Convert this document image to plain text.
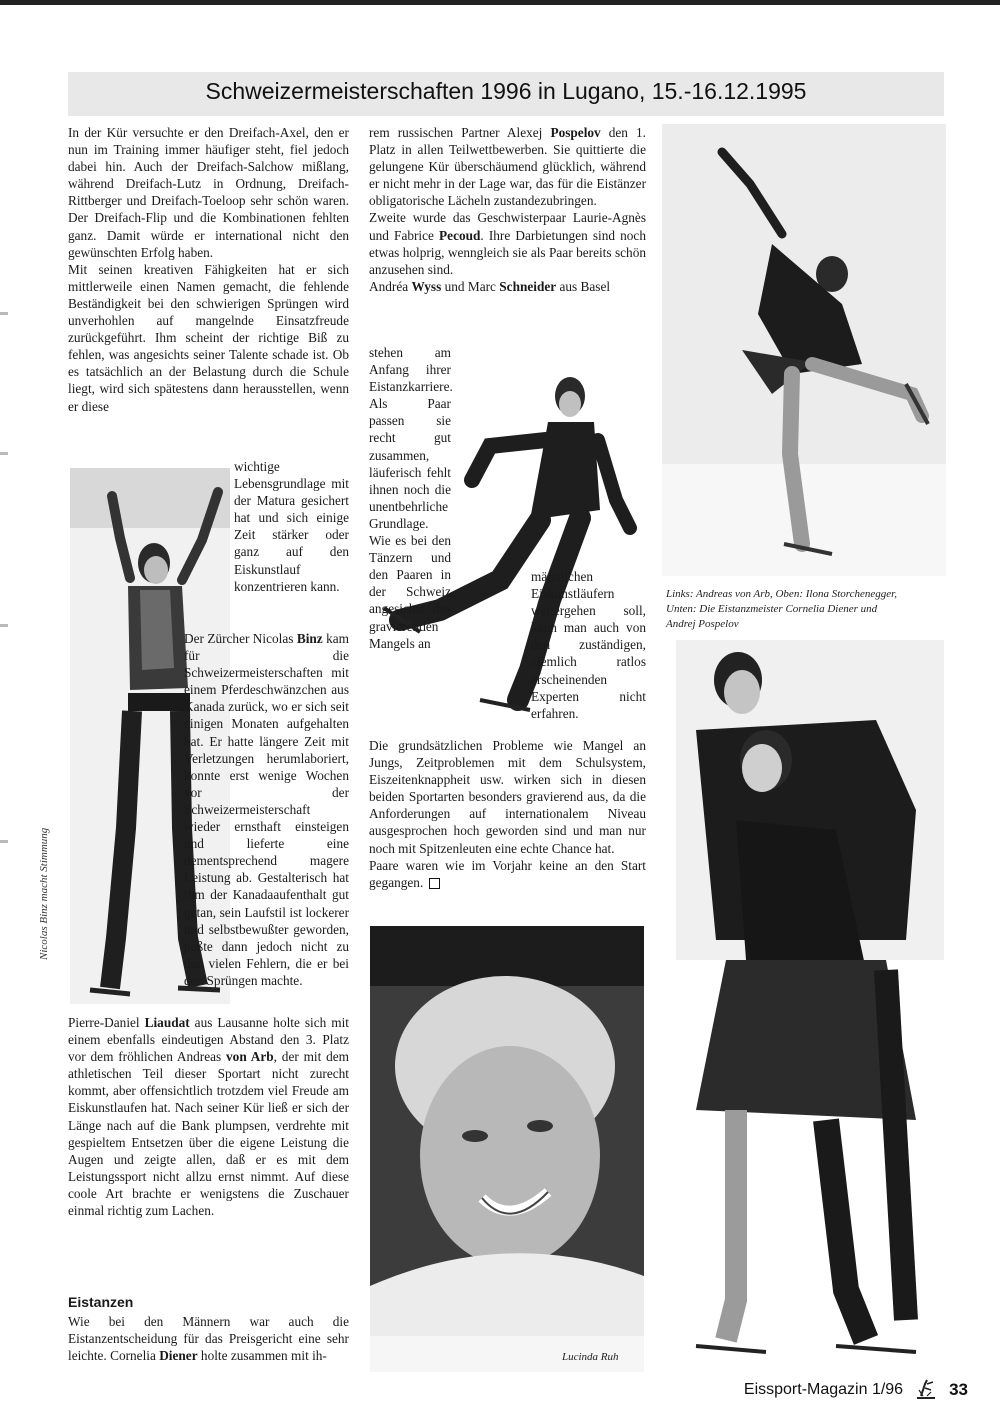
Schweizermeisterschaften 1996 in Lugano, 15.-16.12.1995

In der Kür versuchte er den Dreifach-Axel, den er nun im Training immer häufiger steht, fiel jedoch dabei hin. Auch der Dreifach-Salchow mißlang, während Dreifach-Lutz in Ordnung, Dreifach-Rittberger und Dreifach-Toeloop sehr schön waren. Der Dreifach-Flip und die Kombinationen fehlten ganz. Damit würde er international nicht den gewünschten Erfolg haben.

Mit seinen kreativen Fähigkeiten hat er sich mittlerweile einen Namen gemacht, die fehlende Beständigkeit bei den schwierigen Sprüngen wird unverhohlen auf mangelnde Einsatzfreude zurückgeführt. Ihm scheint der richtige Biß zu fehlen, was angesichts seiner Talente schade ist. Ob es tatsächlich an der Belastung durch die Schule liegt, wird sich spätestens dann herausstellen, wenn er diese

Nicolas Binz macht Stimmung

wichtige Lebensgrundlage mit der Matura gesichert hat und sich einige Zeit stärker oder ganz auf den Eiskunstlauf konzentrieren kann.

Der Zürcher Nicolas Binz kam für die Schweizermeisterschaften mit einem Pferdeschwänzchen aus Kanada zurück, wo er sich seit einigen Monaten aufgehalten hat. Er hatte längere Zeit mit Verletzungen herumlaboriert, konnte erst wenige Wochen vor der Schweizermeisterschaft wieder ernsthaft einsteigen und lieferte eine dementsprechend magere Leistung ab. Gestalterisch hat ihm der Kanadaaufenthalt gut getan, sein Laufstil ist lockerer und selbstbewußter geworden, paßte dann jedoch nicht zu den vielen Fehlern, die er bei den Sprüngen machte.

Pierre-Daniel Liaudat aus Lausanne holte sich mit einem ebenfalls eindeutigen Abstand den 3. Platz vor dem fröhlichen Andreas von Arb, der mit dem athletischen Teil dieser Sportart nicht zurecht kommt, aber offensichtlich trotzdem viel Freude am Eiskunstlaufen hat. Nach seiner Kür ließ er sich der Länge nach auf die Bank plumpsen, verdrehte mit gespieltem Entsetzen über die eigene Leistung die Augen und zeigte allen, daß er es mit dem Leistungssport nicht allzu ernst nimmt. Auf diese coole Art brachte er wenigstens die Zuschauer einmal richtig zum Lachen.

Eistanzen

Wie bei den Männern war auch die Eistanzentscheidung für das Preisgericht eine sehr leichte. Cornelia Diener holte zusammen mit ih-

rem russischen Partner Alexej Pospelov den 1. Platz in allen Teilwettbewerben. Sie quittierte die gelungene Kür überschäumend glücklich, während er nicht mehr in der Lage war, das für die Eistänzer obligatorische Lächeln zustandezubringen.

Zweite wurde das Geschwisterpaar Laurie-Agnès und Fabrice Pecoud. Ihre Darbietungen sind noch etwas holprig, wenngleich sie als Paar bereits schön anzusehen sind.

Andréa Wyss und Marc Schneider aus Basel

stehen am Anfang ihrer Eistanzkarriere. Als Paar passen sie recht gut zusammen, läuferisch fehlt ihnen noch die unentbehrliche Grundlage. Wie es bei den Tänzern und den Paaren in der Schweiz angesichts des gravierenden Mangels an

männlichen Eiskunstläufern weitergehen soll, kann man auch von den zuständigen, ziemlich ratlos erscheinenden Experten nicht erfahren.

Die grundsätzlichen Probleme wie Mangel an Jungs, Zeitproblemen mit dem Schulsystem, Eiszeitenknappheit usw. wirken sich in diesen beiden Sportarten besonders gravierend aus, da die Anforderungen auf internationalem Niveau ausgesprochen hoch geworden sind und man nur noch mit Spitzenleuten eine echte Chance hat.

Paare waren wie im Vorjahr keine an den Start gegangen.

Lucinda Ruh
Links: Andreas von Arb, Oben: Ilona Storchenegger,
Unten: Die Eistanzmeister Cornelia Diener und
Andrej Pospelov
Eissport-Magazin 1/96	33
